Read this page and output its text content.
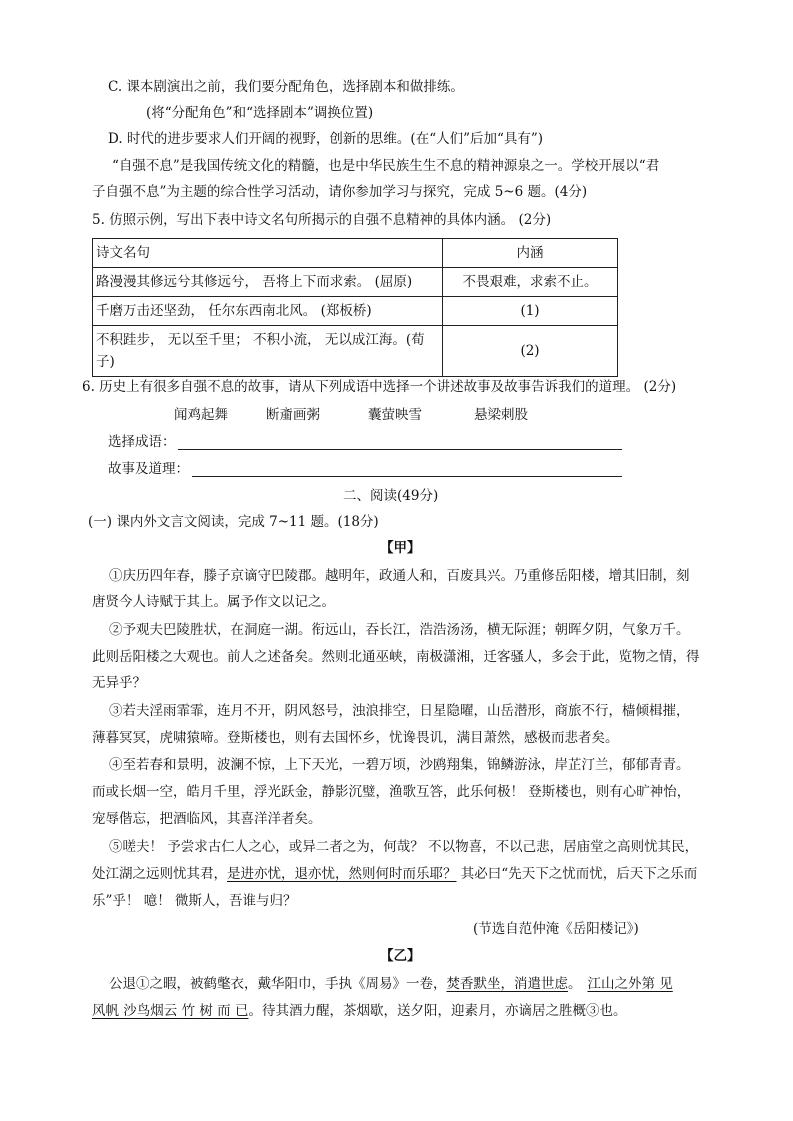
C. 课本剧演出之前，我们要分配角色，选择剧本和做排练。
(将“分配角色”和“选择剧本”调换位置)
D. 时代的进步要求人们开阔的视野，创新的思维。(在“人们”后加“具有”)
“自强不息”是我国传统文化的精髓，也是中华民族生生不息的精神源泉之一。学校开展以“君
子自强不息”为主题的综合性学习活动，请你参加学习与探究，完成 5~6 题。(4分)
5. 仿照示例，写出下表中诗文名句所揭示的自强不息精神的具体内涵。 (2分)
诗文名句	内涵
路漫漫其修远兮其修远兮， 吾将上下而求索。 (屈原)	不畏艰难，求索不止。
千磨万击还坚劲， 任尔东西南北风。 (郑板桥)	(1)

不积跬步， 无以至千里； 不积小流， 无以成江海。(荀
子)	(2)
6. 历史上有很多自强不息的故事，请从下列成语中选择一个讲述故事及故事告诉我们的道理。 (2分)
闻鸡起舞	断齑画粥	囊萤映雪	悬梁刺股
选择成语：
故事及道理：
二、阅读(49分)
(一) 课内外文言文阅读，完成 7~11 题。(18分)
【甲】
①庆历四年春，滕子京谪守巴陵郡。越明年，政通人和，百废具兴。乃重修岳阳楼，增其旧制，刻
唐贤今人诗赋于其上。属予作文以记之。
②予观夫巴陵胜状，在洞庭一湖。衔远山，吞长江，浩浩汤汤，横无际涯；朝晖夕阴，气象万千。
此则岳阳楼之大观也。前人之述备矣。然则北通巫峡，南极潇湘，迁客骚人，多会于此，览物之情，得
无异乎？
③若夫淫雨霏霏，连月不开，阴风怒号，浊浪排空，日星隐曜，山岳潜形，商旅不行，樯倾楫摧，
薄暮冥冥，虎啸猿啼。登斯楼也，则有去国怀乡，忧谗畏讥，满目萧然，感极而悲者矣。
④至若春和景明，波澜不惊，上下天光，一碧万顷，沙鸥翔集，锦鳞游泳，岸芷汀兰，郁郁青青。
而或长烟一空，皓月千里，浮光跃金，静影沉璧，渔歌互答，此乐何极！ 登斯楼也，则有心旷神怡，
宠辱偕忘，把酒临风，其喜洋洋者矣。
⑤嗟夫！ 予尝求古仁人之心，或异二者之为，何哉？ 不以物喜，不以己悲，居庙堂之高则忧其民，
处江湖之远则忧其君，是进亦忧，退亦忧，然则何时而乐耶？ 其必曰“先天下之忧而忧，后天下之乐而
乐”乎！ 噫！ 微斯人，吾谁与归？
(节选自范仲淹《岳阳楼记》)
【乙】
公退①之暇，被鹤氅衣，戴华阳巾，手执《周易》一卷，焚香默坐，消遣世虑。 江山之外第 见
风帆 沙鸟烟云 竹 树 而 已。待其酒力醒，茶烟歇，送夕阳，迎素月，亦谪居之胜概③也。
